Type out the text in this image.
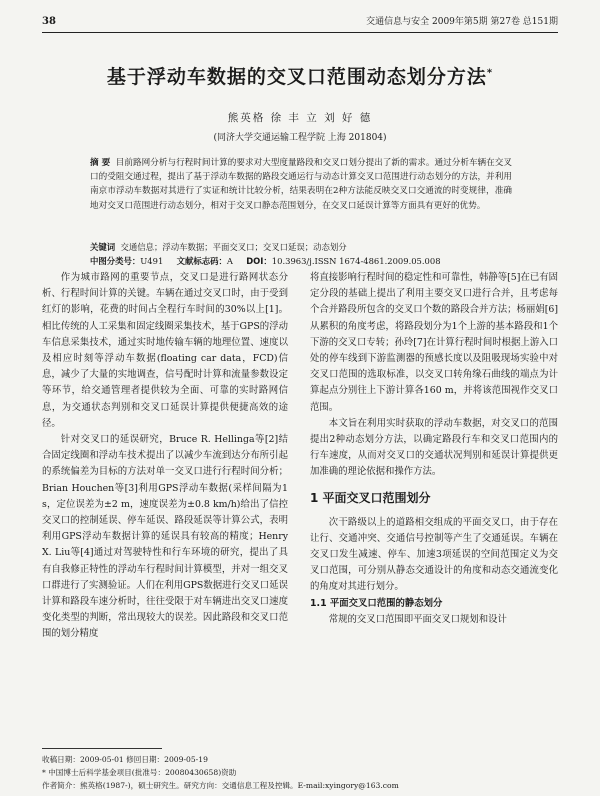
38	交通信息与安全 2009年第5期 第27卷 总151期
基于浮动车数据的交叉口范围动态划分方法*
熊英格 徐 丰 立 刘 好 德
(同济大学交通运输工程学院 上海 201804)
摘 要 目前路网分析与行程时间计算的要求对大型度量路段和交叉口划分提出了新的需求。通过分析车辆在交叉口的受阻交通过程，提出了基于浮动车数据的路段交通运行与动态计算交叉口范围进行动态划分的方法，并利用南京市浮动车数据对其进行了实证和统计比较分析，结果表明在2种方法能反映交叉口交通流的时变规律，准确地对交叉口范围进行动态划分，相对于交叉口静态范围划分，在交叉口延误计算等方面具有更好的优势。
关键词 交通信息；浮动车数据；平面交叉口；交叉口延误；动态划分
中图分类号：U491 文献标志码：A DOI：10.3963/j.ISSN 1674-4861.2009.05.008

作为城市路网的重要节点，交叉口是进行路网状态分析、行程时间计算的关键。车辆在通过交叉口时，由于受到红灯的影响，花费的时间占全程行车时间的30%以上[1]。相比传统的人工采集和固定线圈采集技术，基于GPS的浮动车信息采集技术，通过实时地传输车辆的地理位置、速度以及相应时刻等浮动车数据(floating car data，FCD)信息，减少了大量的实地调查，信号配时计算和流量参数设定等环节，给交通管理者提供较为全面、可靠的实时路网信息，为交通状态判别和交叉口延误计算提供便捷高效的途径。

针对交叉口的延误研究，Bruce R. Hellinga等[2]结合固定线圈和浮动车技术提出了以减少车流到达分布所引起的系统偏差为目标的方法对单一交叉口进行行程时间分析；Brian Houchen等[3]利用GPS浮动车数据(采样间隔为1 s，定位误差为±2 m，速度误差为±0.8 km/h)给出了信控交叉口的控制延误、停车延误、路段延误等计算公式，表明利用GPS浮动车数据计算的延误具有较高的精度；Henry X. Liu等[4]通过对驾驶特性和行车环境的研究，提出了具有自我修正特性的浮动车行程时间计算模型，并对一组交叉口群进行了实测验证。人们在利用GPS数据进行交叉口延误计算和路段车速分析时，往往受限于对车辆进出交叉口速度变化类型的判断，常出现较大的误差。因此路段和交叉口范围的划分精度

将直接影响行程时间的稳定性和可靠性，韩静等[5]在已有固定分段的基础上提出了利用主要交叉口进行合并，且考虑每个合并路段所包含的交叉口个数的路段合并方法；杨丽娟[6]从累积的角度考虑，将路段划分为1个上游的基本路段和1个下游的交叉口专转；孙玲[7]在计算行程时间时根据上游入口处的停车线到下游监测器的预感长度以及阻吸现场实验中对交叉口范围的选取标准，以交叉口转角缘石曲线的端点为计算起点分别往上下游计算各160 m，并将该范围视作交叉口范围。

本文旨在利用实时获取的浮动车数据，对交叉口的范围提出2种动态划分方法，以确定路段行车和交叉口范围内的行车速度，从而对交叉口的交通状况判别和延误计算提供更加准确的理论依据和操作方法。

1 平面交叉口范围划分

次干路级以上的道路相交组成的平面交叉口，由于存在让行、交通冲突、交通信号控制等产生了交通延误。车辆在交叉口发生减速、停车、加速3项延误的空间范围定义为交叉口范围，可分别从静态交通设计的角度和动态交通流变化的角度对其进行划分。

1.1 平面交叉口范围的静态划分

常规的交叉口范围即平面交叉口规划和设计

收稿日期：2009-05-01 修回日期：2009-05-19
* 中国博士后科学基金项目(批准号：20080430658)资助
作者简介：熊英格(1987-)，硕士研究生。研究方向：交通信息工程及控辑。E-mail:xyingory@163.com
